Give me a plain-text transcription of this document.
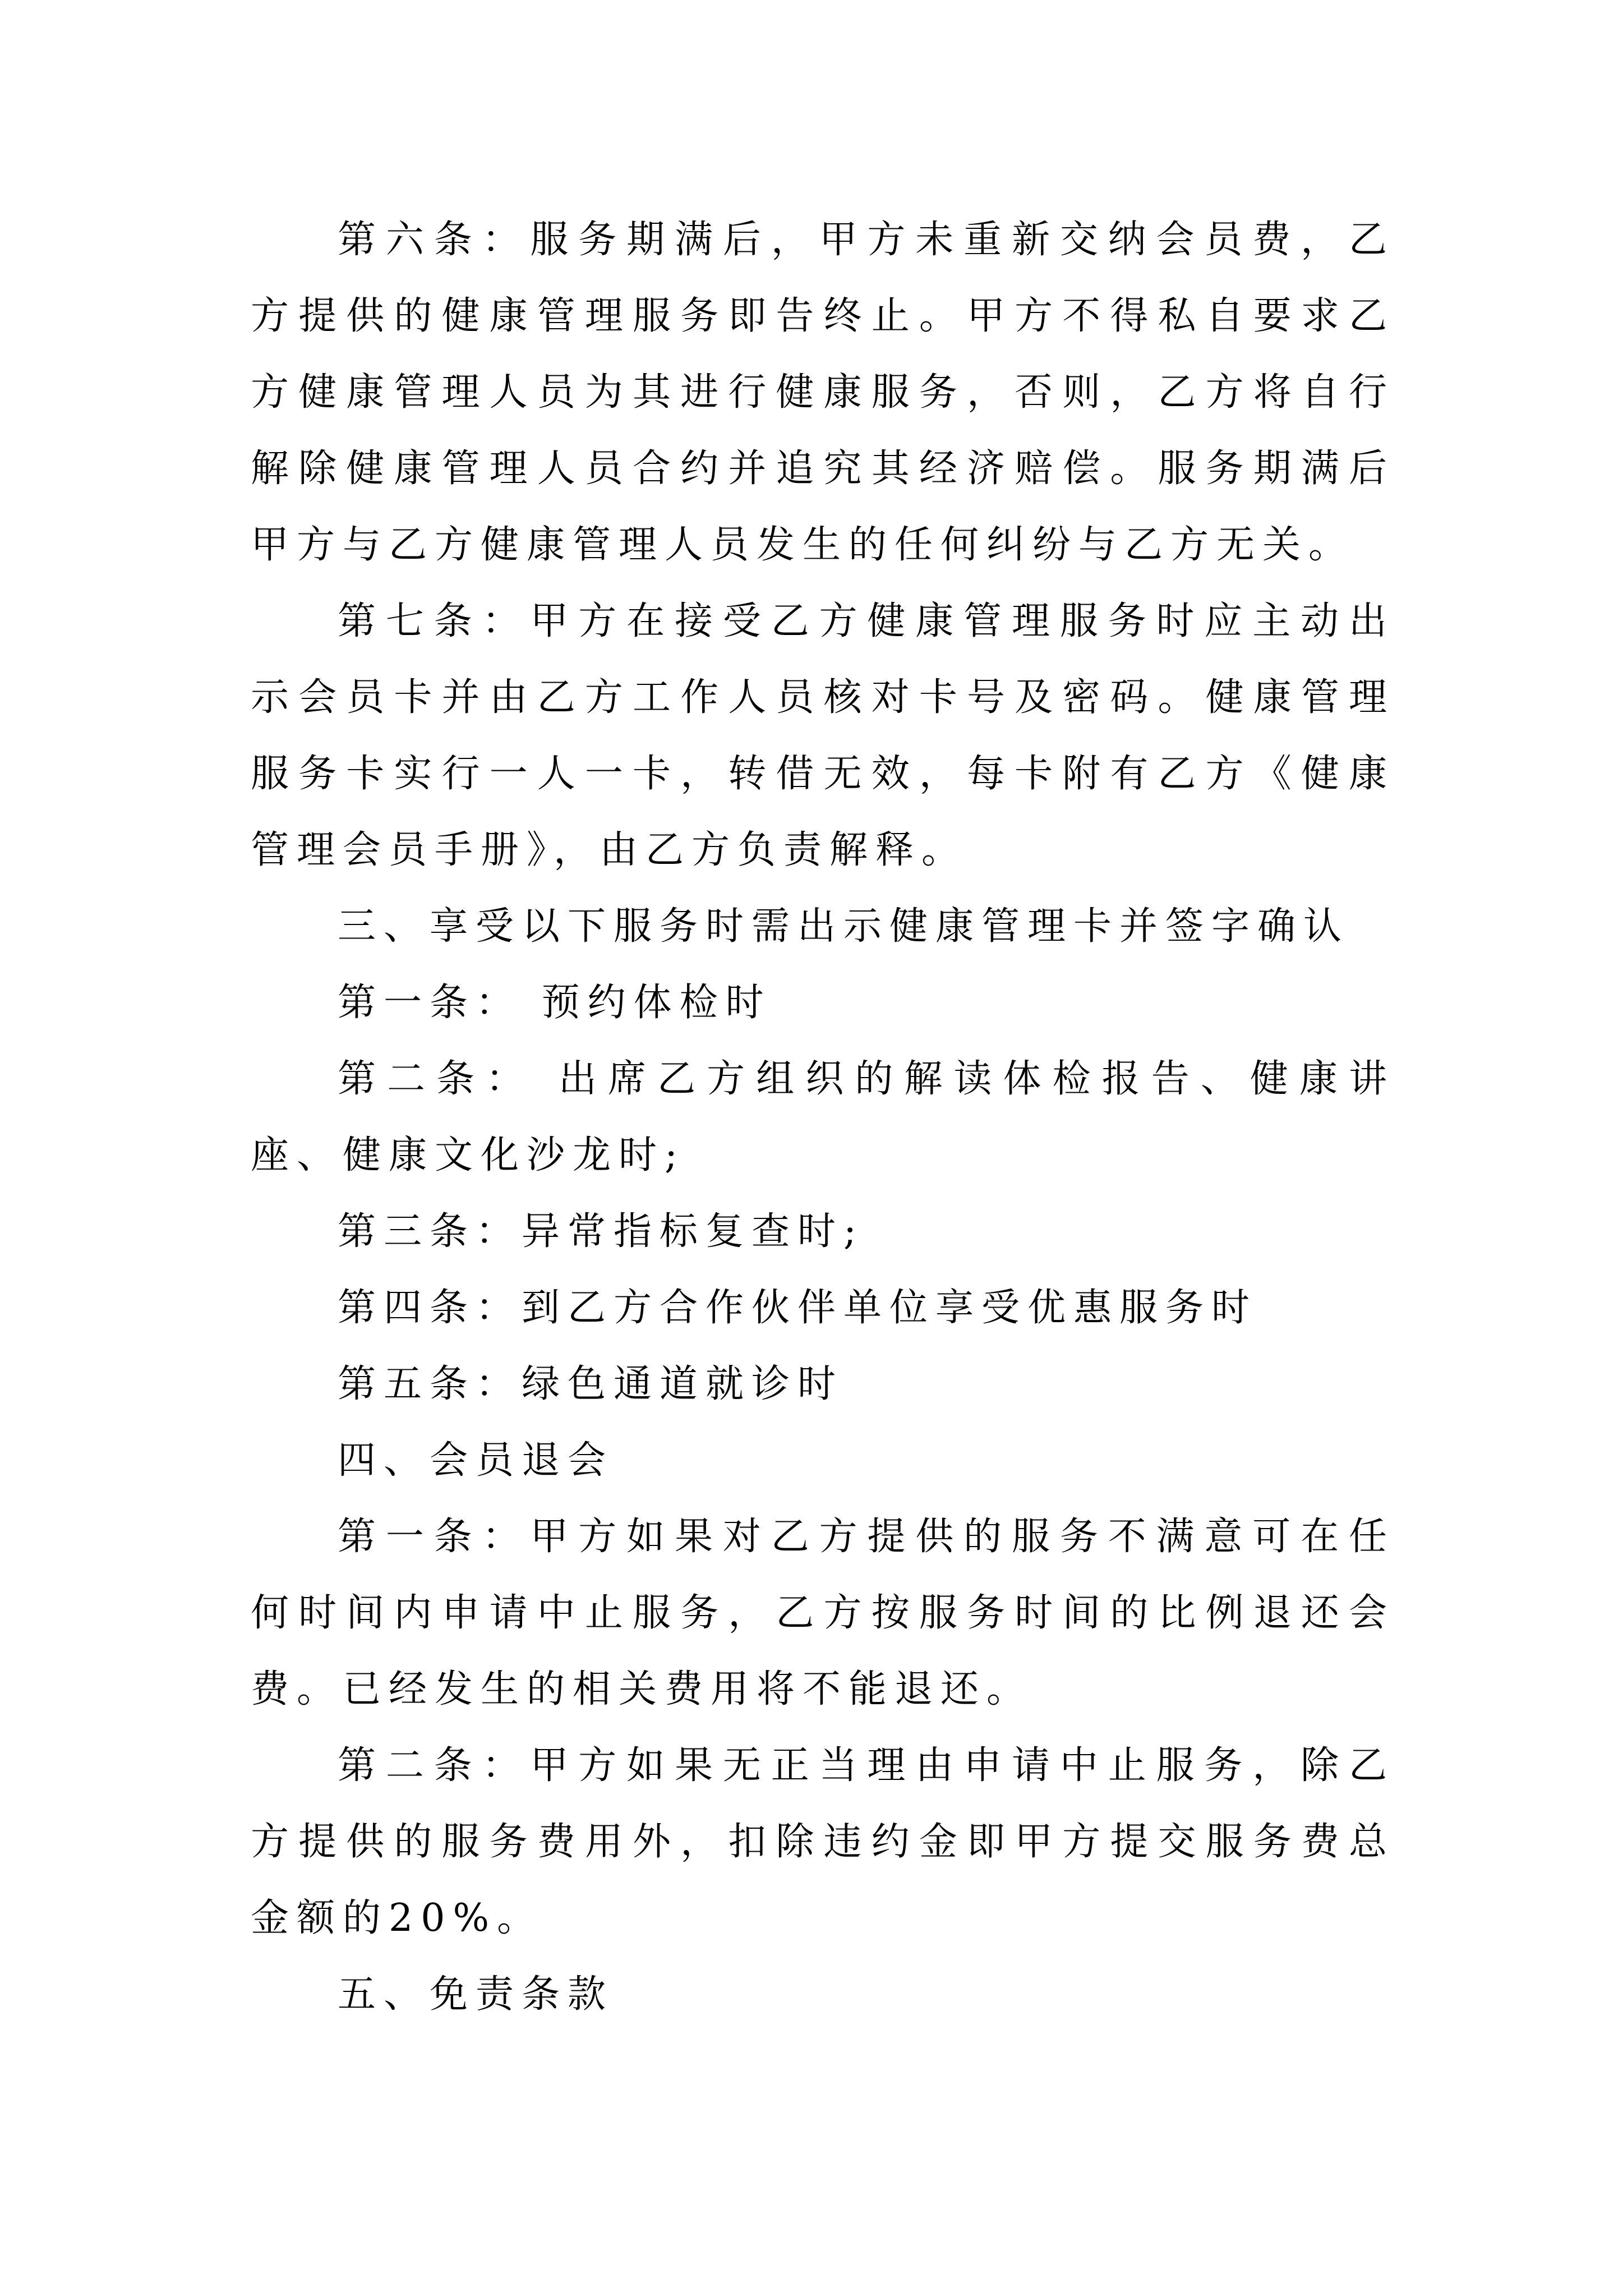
第六条：服务期满后，甲方未重新交纳会员费，乙方提供的健康管理服务即告终止。甲方不得私自要求乙方健康管理人员为其进行健康服务，否则，乙方将自行解除健康管理人员合约并追究其经济赔偿。服务期满后甲方与乙方健康管理人员发生的任何纠纷与乙方无关。

第七条：甲方在接受乙方健康管理服务时应主动出示会员卡并由乙方工作人员核对卡号及密码。健康管理服务卡实行一人一卡，转借无效，每卡附有乙方《健康管理会员手册》，由乙方负责解释。

三、享受以下服务时需出示健康管理卡并签字确认

第一条： 预约体检时

第二条： 出席乙方组织的解读体检报告、健康讲座、健康文化沙龙时;

第三条：异常指标复查时;

第四条：到乙方合作伙伴单位享受优惠服务时

第五条：绿色通道就诊时

四、会员退会

第一条：甲方如果对乙方提供的服务不满意可在任何时间内申请中止服务，乙方按服务时间的比例退还会费。已经发生的相关费用将不能退还。

第二条：甲方如果无正当理由申请中止服务，除乙方提供的服务费用外，扣除违约金即甲方提交服务费总金额的20%。

五、免责条款
